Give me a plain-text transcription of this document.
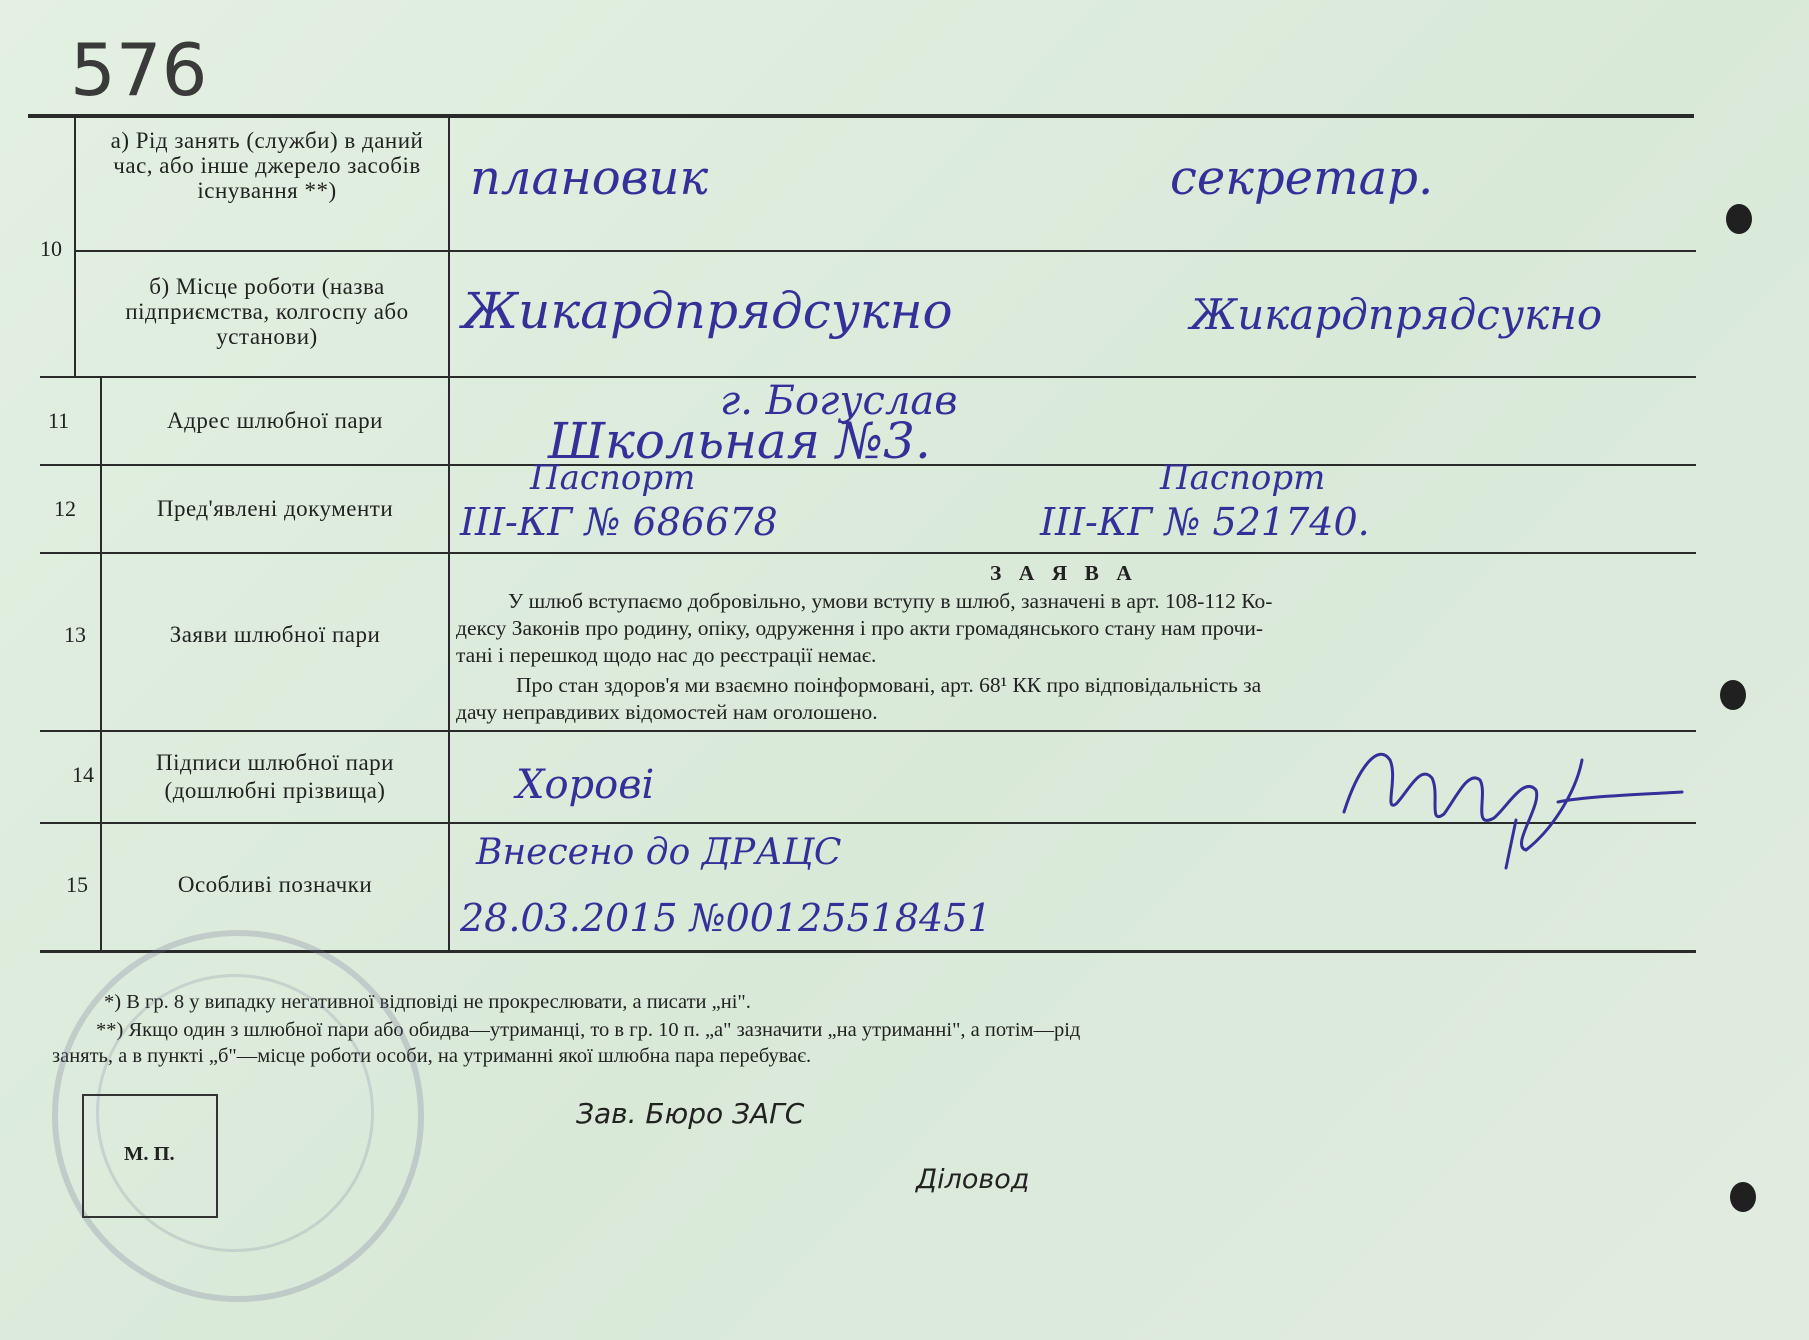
576
10
а) Рід занять (служби) в даний час, або інше джерело засобів існування **)	плановик	секретар.
б) Місце роботи (назва підприємства, колгоспу або установи)	Жикардпрядсукно	Жикардпрядсукно
11	Адрес шлюбної пари	г. Богуслав
Школьная №3.
12	Пред'явлені документи
Паспорт
III-КГ № 686678
Паспорт
III-КГ № 521740.
13	Заяви шлюбної пари
З А Я В А
У шлюб вступаємо добровільно, умови вступу в шлюб, зазначені в арт. 108-112 Ко-
дексу Законів про родину, опіку, одруження і про акти громадянського стану нам прочи-
тані і перешкод щодо нас до реєстрації немає.
Про стан здоров'я ми взаємно поінформовані, арт. 68¹ КК про відповідальність за
дачу неправдивих відомостей нам оголошено.
14	Підписи шлюбної пари
(дошлюбні прізвища)	Хорові
15	Особливі позначки
Внесено до ДРАЦС
28.03.2015 №00125518451
*) В гр. 8 у випадку негативної відповіді не прокреслювати, а писати „ні".
**) Якщо один з шлюбної пари або обидва—утриманці, то в гр. 10 п. „а" зазначити „на утриманні", а потім—рід
занять, а в пункті „б"—місце роботи особи, на утриманні якої шлюбна пара перебуває.
М. П.
Зав. Бюро ЗАГС
Діловод
